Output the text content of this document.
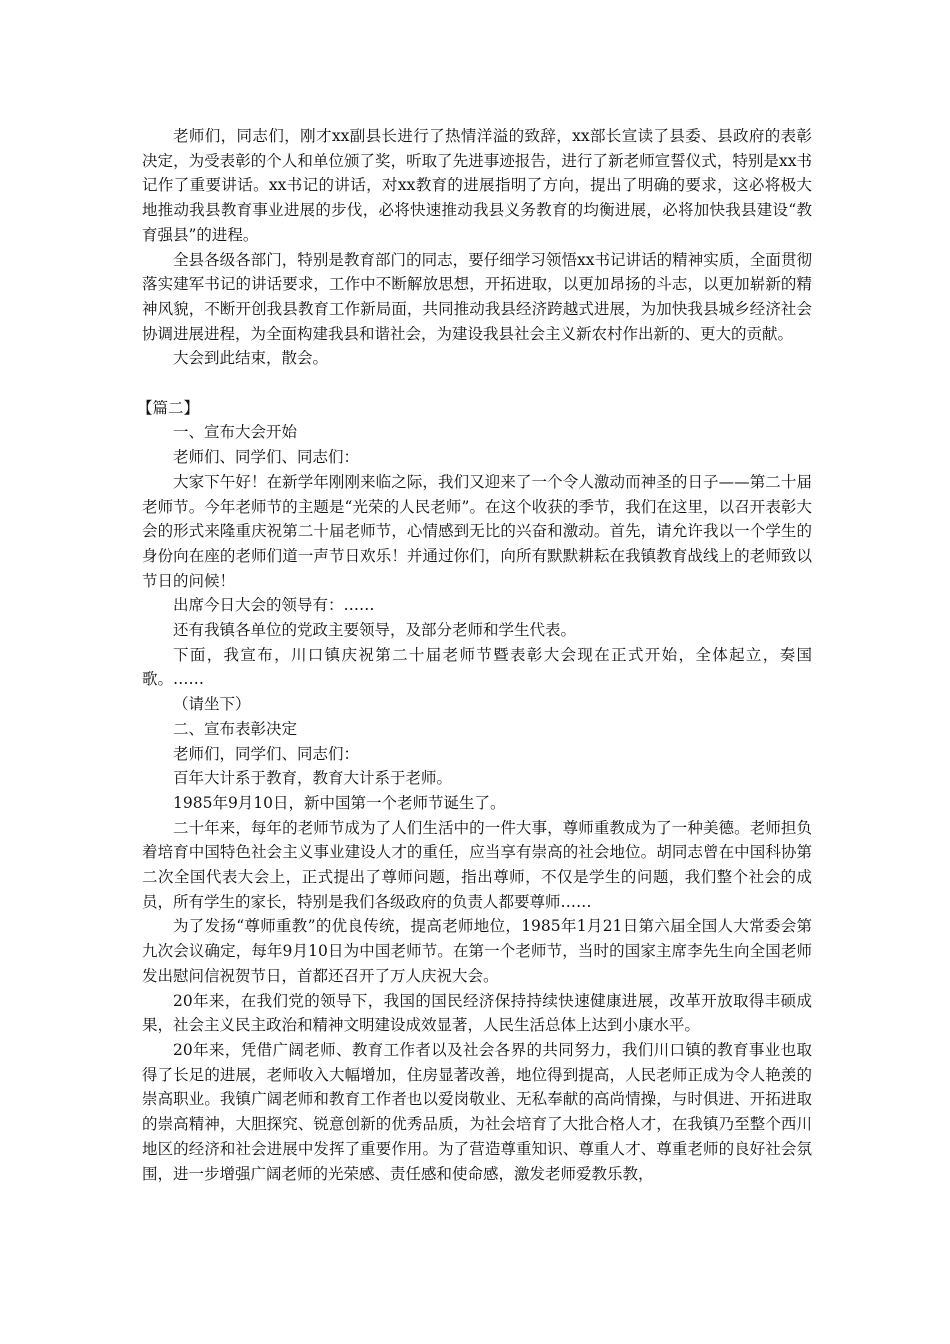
老师们，同志们，刚才xx副县长进行了热情洋溢的致辞，xx部长宣读了县委、县政府的表彰决定，为受表彰的个人和单位颁了奖，听取了先进事迹报告，进行了新老师宣誓仪式，特别是xx书记作了重要讲话。xx书记的讲话，对xx教育的进展指明了方向，提出了明确的要求，这必将极大地推动我县教育事业进展的步伐，必将快速推动我县义务教育的均衡进展，必将加快我县建设“教育强县”的进程。

全县各级各部门，特别是教育部门的同志，要仔细学习领悟xx书记讲话的精神实质，全面贯彻落实建军书记的讲话要求，工作中不断解放思想，开拓进取，以更加昂扬的斗志，以更加崭新的精神风貌，不断开创我县教育工作新局面，共同推动我县经济跨越式进展，为加快我县城乡经济社会协调进展进程，为全面构建我县和谐社会，为建设我县社会主义新农村作出新的、更大的贡献。

大会到此结束，散会。

【篇二】

一、宣布大会开始

老师们、同学们、同志们：

大家下午好！在新学年刚刚来临之际，我们又迎来了一个令人激动而神圣的日子——第二十届老师节。今年老师节的主题是“光荣的人民老师”。在这个收获的季节，我们在这里，以召开表彰大会的形式来隆重庆祝第二十届老师节，心情感到无比的兴奋和激动。首先，请允许我以一个学生的身份向在座的老师们道一声节日欢乐！并通过你们，向所有默默耕耘在我镇教育战线上的老师致以节日的问候！

出席今日大会的领导有：……

还有我镇各单位的党政主要领导，及部分老师和学生代表。

下面，我宣布，川口镇庆祝第二十届老师节暨表彰大会现在正式开始，全体起立，奏国歌。……

（请坐下）

二、宣布表彰决定

老师们，同学们、同志们：

百年大计系于教育，教育大计系于老师。

1985年9月10日，新中国第一个老师节诞生了。

二十年来，每年的老师节成为了人们生活中的一件大事，尊师重教成为了一种美德。老师担负着培育中国特色社会主义事业建设人才的重任，应当享有崇高的社会地位。胡同志曾在中国科协第二次全国代表大会上，正式提出了尊师问题，指出尊师，不仅是学生的问题，我们整个社会的成员，所有学生的家长，特别是我们各级政府的负责人都要尊师……

为了发扬“尊师重教”的优良传统，提高老师地位，1985年1月21日第六届全国人大常委会第九次会议确定，每年9月10日为中国老师节。在第一个老师节，当时的国家主席李先生向全国老师发出慰问信祝贺节日，首都还召开了万人庆祝大会。

20年来，在我们党的领导下，我国的国民经济保持持续快速健康进展，改革开放取得丰硕成果，社会主义民主政治和精神文明建设成效显著，人民生活总体上达到小康水平。

20年来，凭借广阔老师、教育工作者以及社会各界的共同努力，我们川口镇的教育事业也取得了长足的进展，老师收入大幅增加，住房显著改善，地位得到提高，人民老师正成为令人艳羡的崇高职业。我镇广阔老师和教育工作者也以爱岗敬业、无私奉献的高尚情操，与时俱进、开拓进取的崇高精神，大胆探究、锐意创新的优秀品质，为社会培育了大批合格人才，在我镇乃至整个西川地区的经济和社会进展中发挥了重要作用。为了营造尊重知识、尊重人才、尊重老师的良好社会氛围，进一步增强广阔老师的光荣感、责任感和使命感，激发老师爱教乐教，
